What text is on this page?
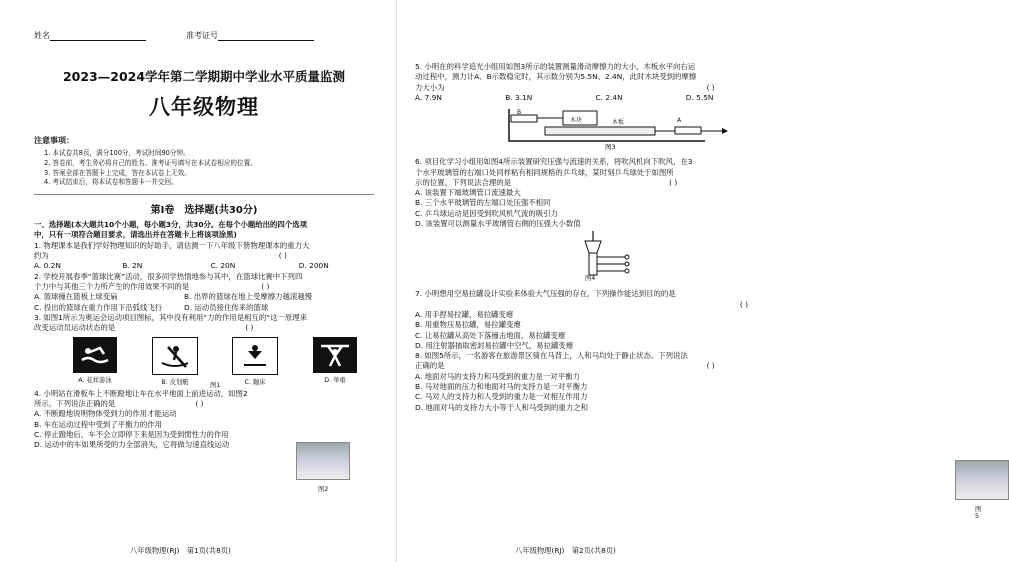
姓名	准考证号
2023—2024学年第二学期期中学业水平质量监测
八年级物理
注意事项：
1. 本试卷共8页，满分100分，考试时间90分钟。
2. 答卷前，考生务必将自己的姓名、准考证号填写在本试卷相应的位置。
3. 答案全部在答题卡上完成，答在本试卷上无效。
4. 考试结束后，将本试卷和答题卡一并交回。
第Ⅰ卷　选择题(共30分)
一、选择题(本大题共10个小题，每小题3分，共30分。在每个小题给出的四个选项
中，只有一项符合题目要求，请选出并在答题卡上将该项涂黑)
1. 物理课本是我们学好物理知识的好助手，请估测一下八年级下册物理课本的重力大
约为	( )
A. 0.2N	B. 2N	C. 20N	D. 200N
2. 学校开展春季“篮球比赛”活动，很多同学热情地参与其中，在篮球比赛中下列四
个力中与其他三个力所产生的作用效果不同的是	( )
A. 篮球撞在篮板上球变扁	B. 出界的篮球在地上受摩擦力越滚越慢
C. 投出的篮球在重力作用下沿弧线飞行	D. 运动员接住传来的篮球
3. 如图1所示为奥运会运动项目图标，其中没有利用“力的作用是相互的”这一原理来
改变运动员运动状态的是	( )
A. 花样游泳	B. 皮划艇	C. 蹦床	D. 举重
图1
4. 小明站在滑板车上不断蹬地让车在水平地面上前进运动，如图2
所示，下列说法正确的是	( )
A. 不断蹬地说明物体受到力的作用才能运动
B. 车在运动过程中受到了平衡力的作用
C. 停止蹬地后，车不会立即停下来是因为受到惯性力的作用
D. 运动中的车如果所受的力全部消失，它将做匀速直线运动
图2
八年级物理(RJ)　第1页(共8页)
5. 小明在的科学追光小组用如图3所示的装置测量滑动摩擦力的大小，木板水平向右运
动过程中，测力计A、B示数稳定时，其示数分别为5.5N、2.4N，此时木块受到的摩擦
力大小为	( )
A. 7.9N	B. 3.1N	C. 2.4N	D. 5.5N
图3
B
木块	木板	A
6. 项目化学习小组用如图4所示装置研究压强与流速的关系，将吹风机向下吹风，在3
个水平玻璃管的右端口处同样粘有相同规格的乒乓球，某时刻乒乓球处于如图所
示的位置。下列说法合理的是	( )
A. 该装置下端玻璃管口流速最大
B. 三个水平玻璃管的左端口处压强不相同
C. 乒乓球运动是因受到吹风机气流的吸引力
D. 该装置可以测量水平玻璃管右侧的压强大小数值
图4
7. 小明想用空易拉罐设计实验来体验大气压强的存在，下列操作能达到目的的是
( )
A. 用手捏易拉罐，易拉罐变瘪
B. 用重物压易拉罐，易拉罐变瘪
C. 让易拉罐从高处下落撞击地面，易拉罐变瘪
D. 用注射器抽取密封易拉罐中空气，易拉罐变瘪
8. 如图5所示，一名游客在旅游景区骑在马背上，人和马均处于静止状态。下列说法
正确的是	( )
A. 地面对马的支持力和马受到的重力是一对平衡力
B. 马对地面的压力和地面对马的支持力是一对平衡力
C. 马对人的支持力和人受到的重力是一对相互作用力
D. 地面对马的支持力大小等于人和马受到的重力之和
图5
八年级物理(RJ)　第2页(共8页)
